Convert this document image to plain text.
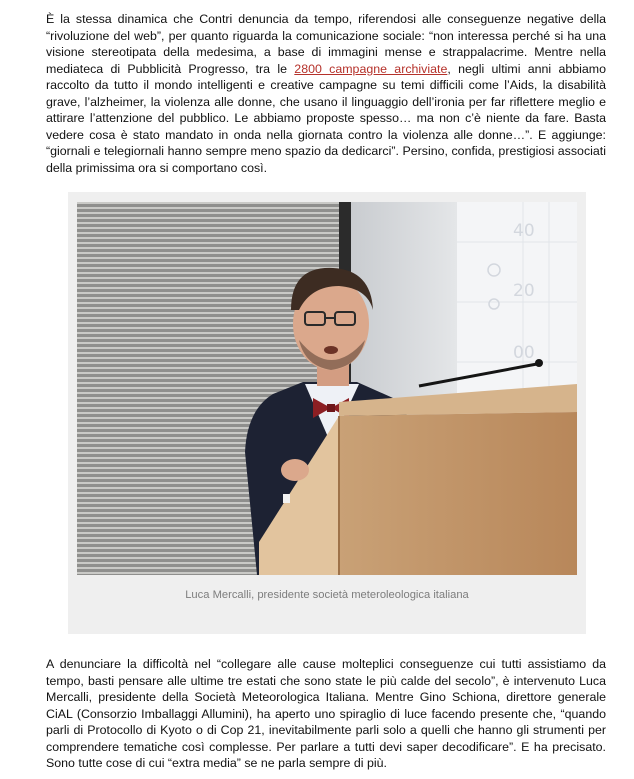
È la stessa dinamica che Contri denuncia da tempo, riferendosi alle conseguenze negative della “rivoluzione del web”, per quanto riguarda la comunicazione sociale: “non interessa perché si ha una visione stereotipata della medesima, a base di immagini mense e strappalacrime. Mentre nella mediateca di Pubblicità Progresso, tra le 2800 campagne archiviate, negli ultimi anni abbiamo raccolto da tutto il mondo intelligenti e creative campagne su temi difficili come l’Aids, la disabilità grave, l’alzheimer, la violenza alle donne, che usano il linguaggio dell’ironia per far riflettere meglio e attirare l’attenzione del pubblico. Le abbiamo proposte spesso… ma non c’è niente da fare. Basta vedere cosa è stato mandato in onda nella giornata contro la violenza alle donne…”. E aggiunge: “giornali e telegiornali hanno sempre meno spazio da dedicarci”. Persino, confida, prestigiosi associati della primissima ora si comportano così.

40
20
00
Luca Mercalli, presidente società meteroleologica italiana

A denunciare la difficoltà nel “collegare alle cause molteplici conseguenze cui tutti assistiamo da tempo, basti pensare alle ultime tre estati che sono state le più calde del secolo”, è intervenuto Luca Mercalli, presidente della Società Meteorologica Italiana. Mentre Gino Schiona, direttore generale CiAL (Consorzio Imballaggi Allumini), ha aperto uno spiraglio di luce facendo presente che, “quando parli di Protocollo di Kyoto o di Cop 21, inevitabilmente parli solo a quelli che hanno gli strumenti per comprendere tematiche così complesse. Per parlare a tutti devi saper decodificare”. E ha precisato. Sono tutte cose di cui “extra media” se ne parla sempre di più.
